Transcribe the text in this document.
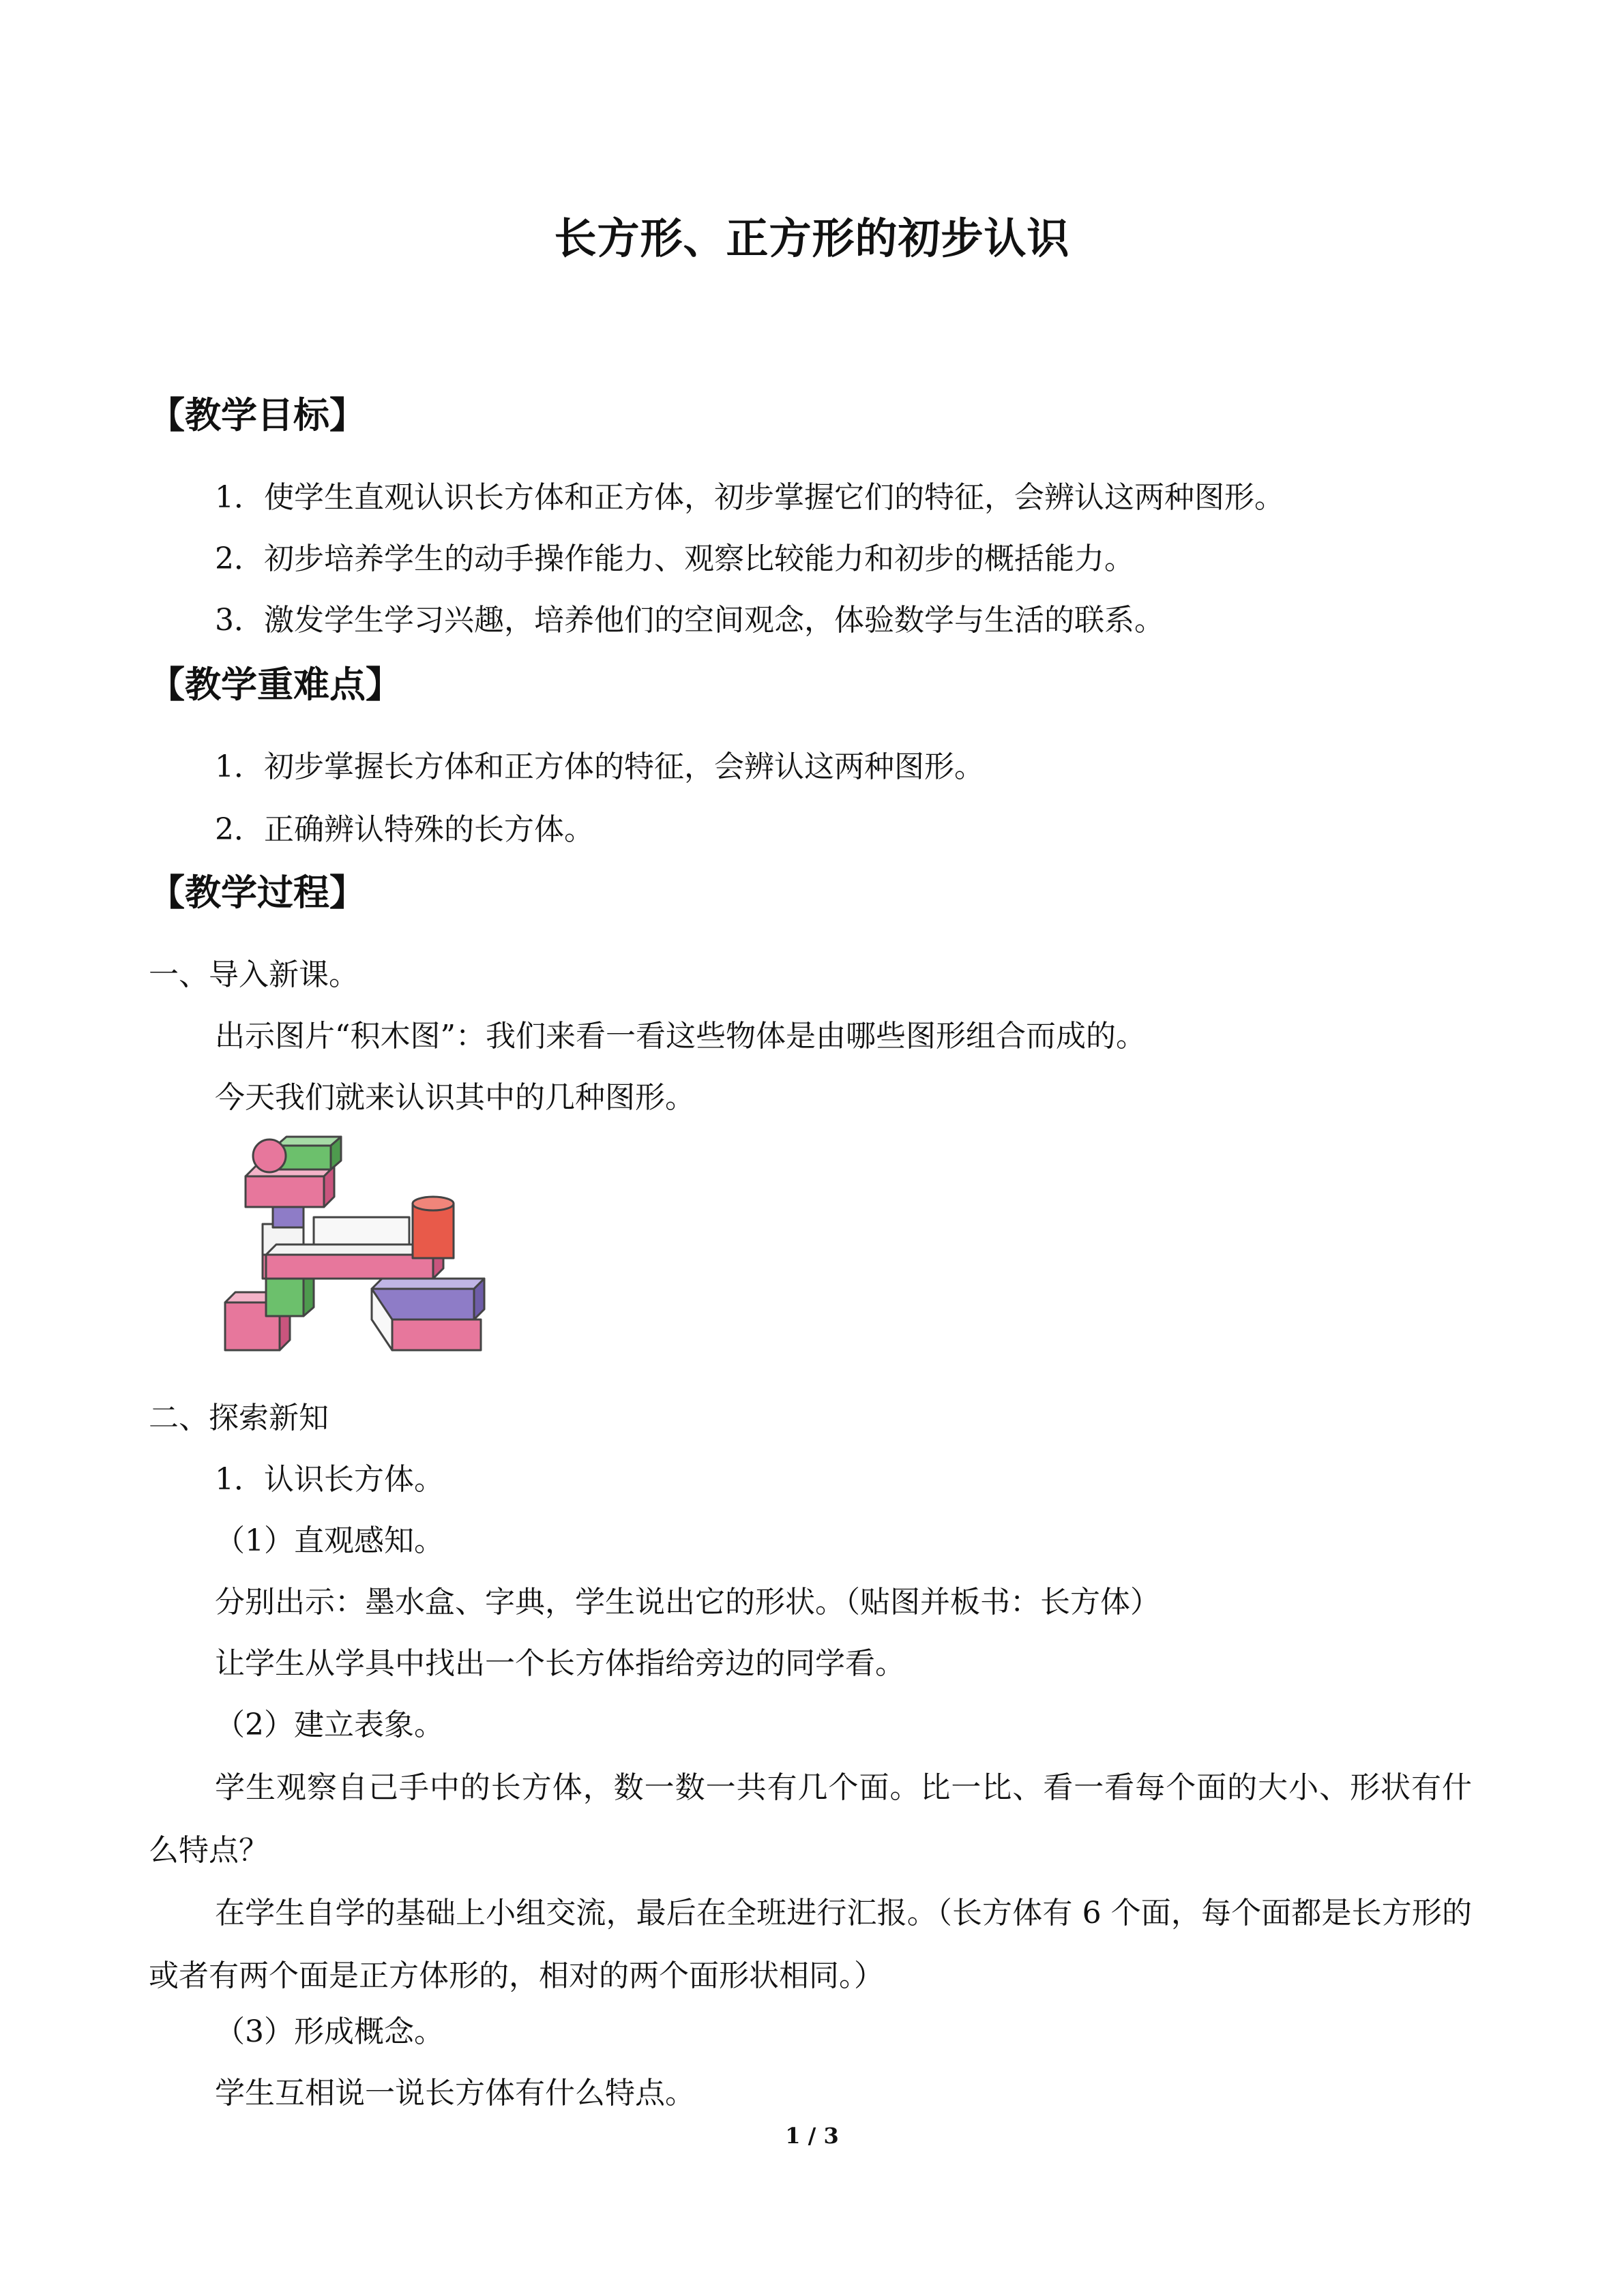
长方形、正方形的初步认识
【教学目标】
1．使学生直观认识长方体和正方体，初步掌握它们的特征，会辨认这两种图形。
2．初步培养学生的动手操作能力、观察比较能力和初步的概括能力。
3．激发学生学习兴趣，培养他们的空间观念，体验数学与生活的联系。
【教学重难点】
1．初步掌握长方体和正方体的特征，会辨认这两种图形。
2．正确辨认特殊的长方体。
【教学过程】
一、导入新课。
出示图片“积木图”：我们来看一看这些物体是由哪些图形组合而成的。
今天我们就来认识其中的几种图形。
二、探索新知
1．认识长方体。
（1）直观感知。
分别出示：墨水盒、字典，学生说出它的形状。（贴图并板书：长方体）
让学生从学具中找出一个长方体指给旁边的同学看。
（2）建立表象。
学生观察自己手中的长方体，数一数一共有几个面。比一比、看一看每个面的大小、形状有什么特点？
在学生自学的基础上小组交流，最后在全班进行汇报。（长方体有 6 个面，每个面都是长方形的或者有两个面是正方体形的，相对的两个面形状相同。）
（3）形成概念。
学生互相说一说长方体有什么特点。
1 / 3
